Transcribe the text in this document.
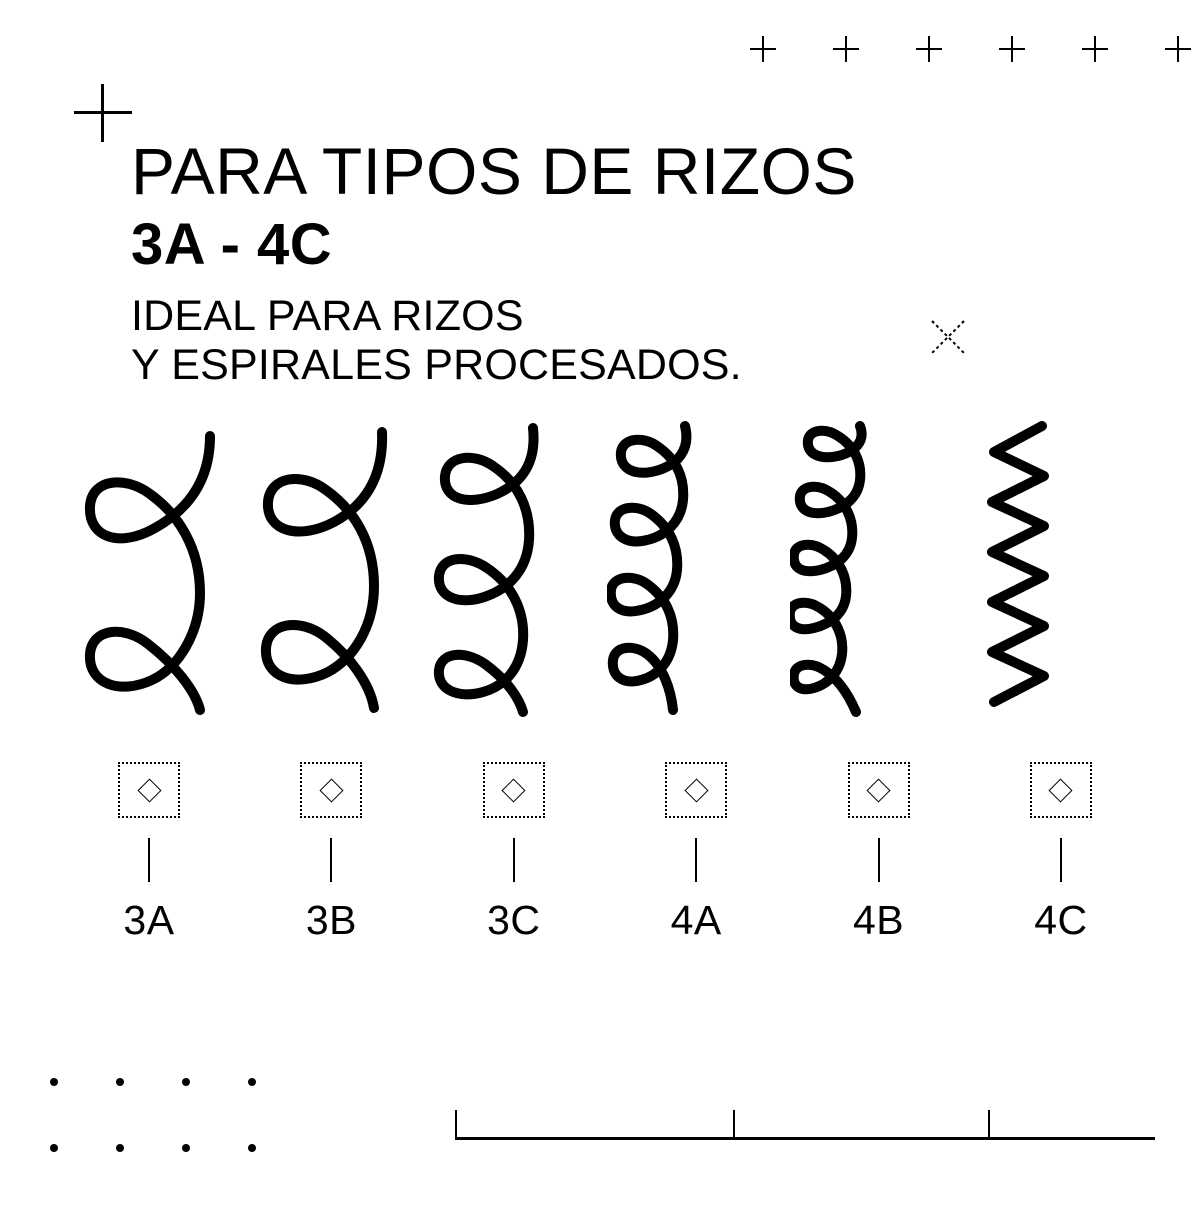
PARA TIPOS DE RIZOS
3A - 4C
IDEAL PARA RIZOS
Y ESPIRALES PROCESADOS.
3A	3B	3C	4A	4B	4C
